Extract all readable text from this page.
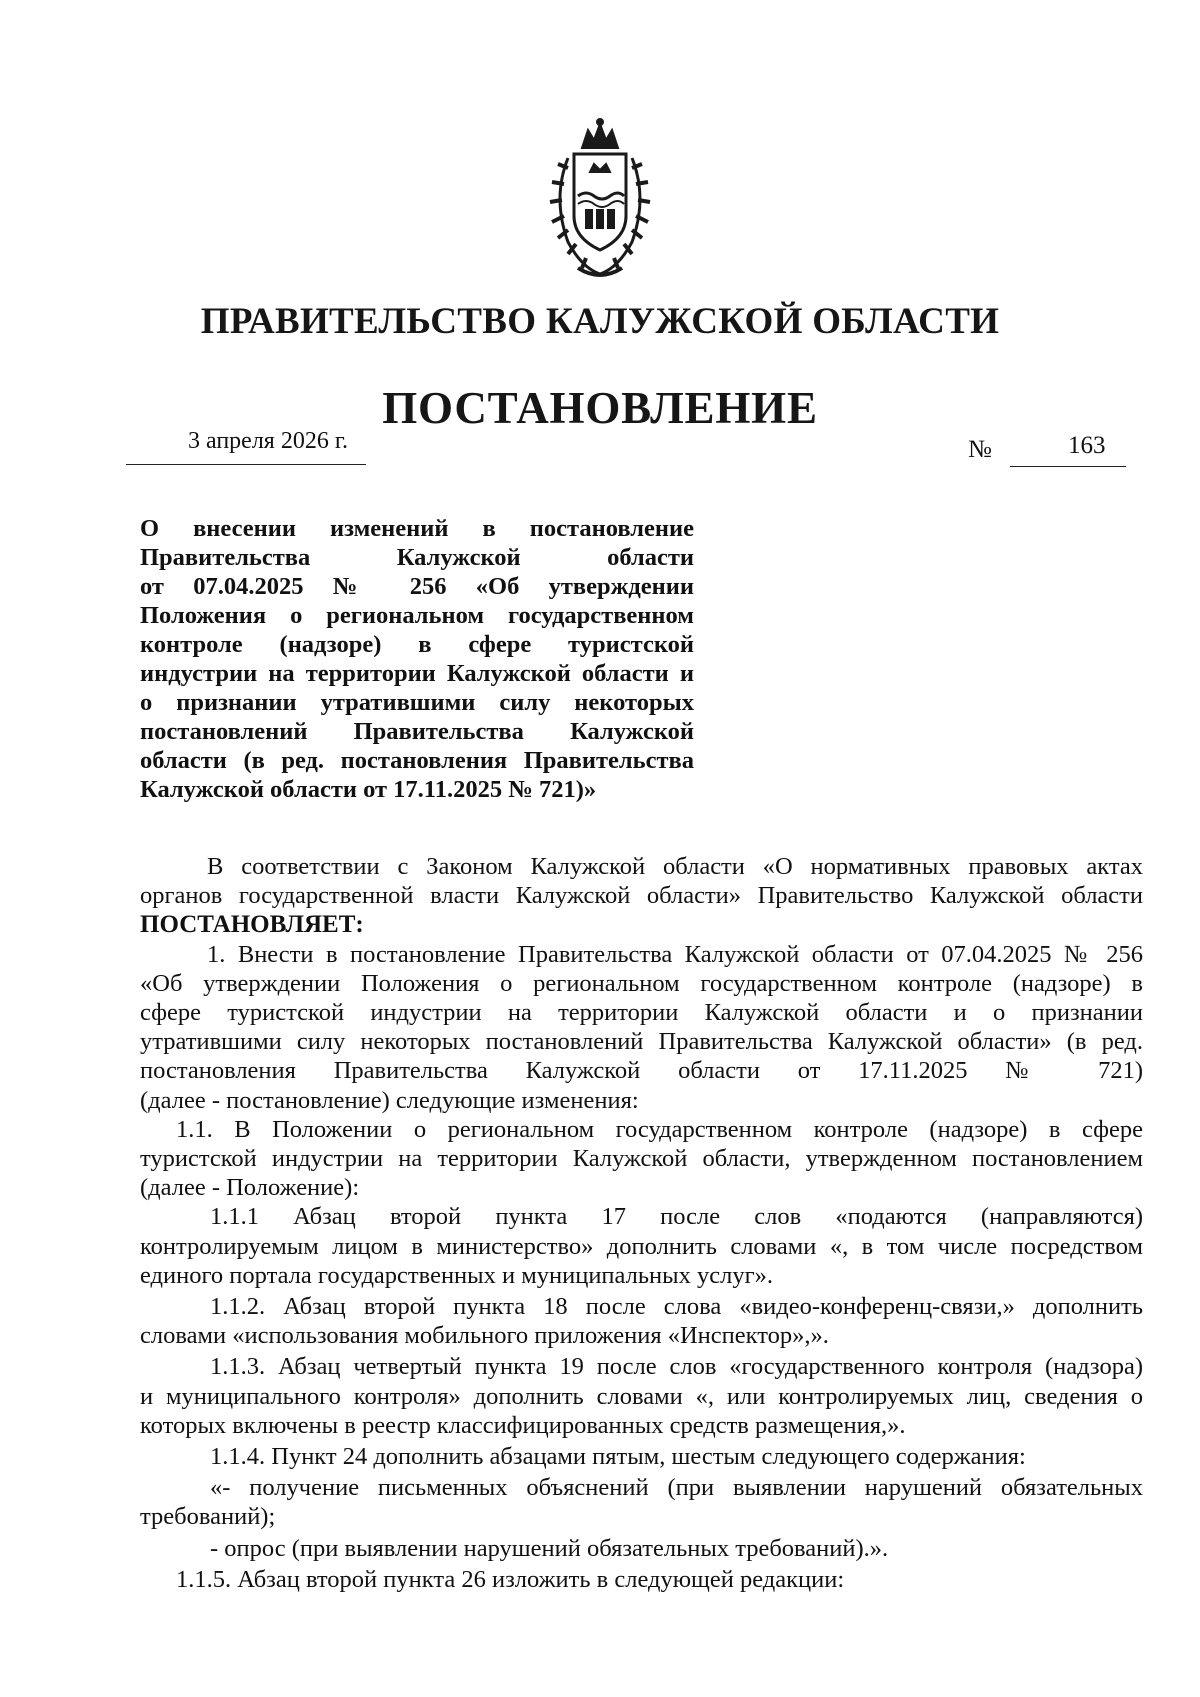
ПРАВИТЕЛЬСТВО КАЛУЖСКОЙ ОБЛАСТИ
ПОСТАНОВЛЕНИЕ
3 апреля 2026 г.	№	163
О внесении изменений в постановление
Правительства Калужской области
от 07.04.2025 № 256 «Об утверждении
Положения о региональном государственном
контроле (надзоре) в сфере туристской
индустрии на территории Калужской области и
о признании утратившими силу некоторых
постановлений Правительства Калужской
области (в ред. постановления Правительства
Калужской области от 17.11.2025 № 721)»
В соответствии с Законом Калужской области «О нормативных правовых актах
органов государственной власти Калужской области» Правительство Калужской области
ПОСТАНОВЛЯЕТ:
1. Внести в постановление Правительства Калужской области от 07.04.2025 № 256
«Об утверждении Положения о региональном государственном контроле (надзоре) в
сфере туристской индустрии на территории Калужской области и о признании
утратившими силу некоторых постановлений Правительства Калужской области» (в ред.
постановления Правительства Калужской области от 17.11.2025 № 721)
(далее - постановление) следующие изменения:
1.1. В Положении о региональном государственном контроле (надзоре) в сфере
туристской индустрии на территории Калужской области, утвержденном постановлением
(далее - Положение):
1.1.1 Абзац второй пункта 17 после слов «подаются (направляются)
контролируемым лицом в министерство» дополнить словами «, в том числе посредством
единого портала государственных и муниципальных услуг».
1.1.2. Абзац второй пункта 18 после слова «видео-конференц-связи,» дополнить
словами «использования мобильного приложения «Инспектор»,».
1.1.3. Абзац четвертый пункта 19 после слов «государственного контроля (надзора)
и муниципального контроля» дополнить словами «, или контролируемых лиц, сведения о
которых включены в реестр классифицированных средств размещения,».
1.1.4. Пункт 24 дополнить абзацами пятым, шестым следующего содержания:
«- получение письменных объяснений (при выявлении нарушений обязательных
требований);
- опрос (при выявлении нарушений обязательных требований).».
1.1.5. Абзац второй пункта 26 изложить в следующей редакции:
